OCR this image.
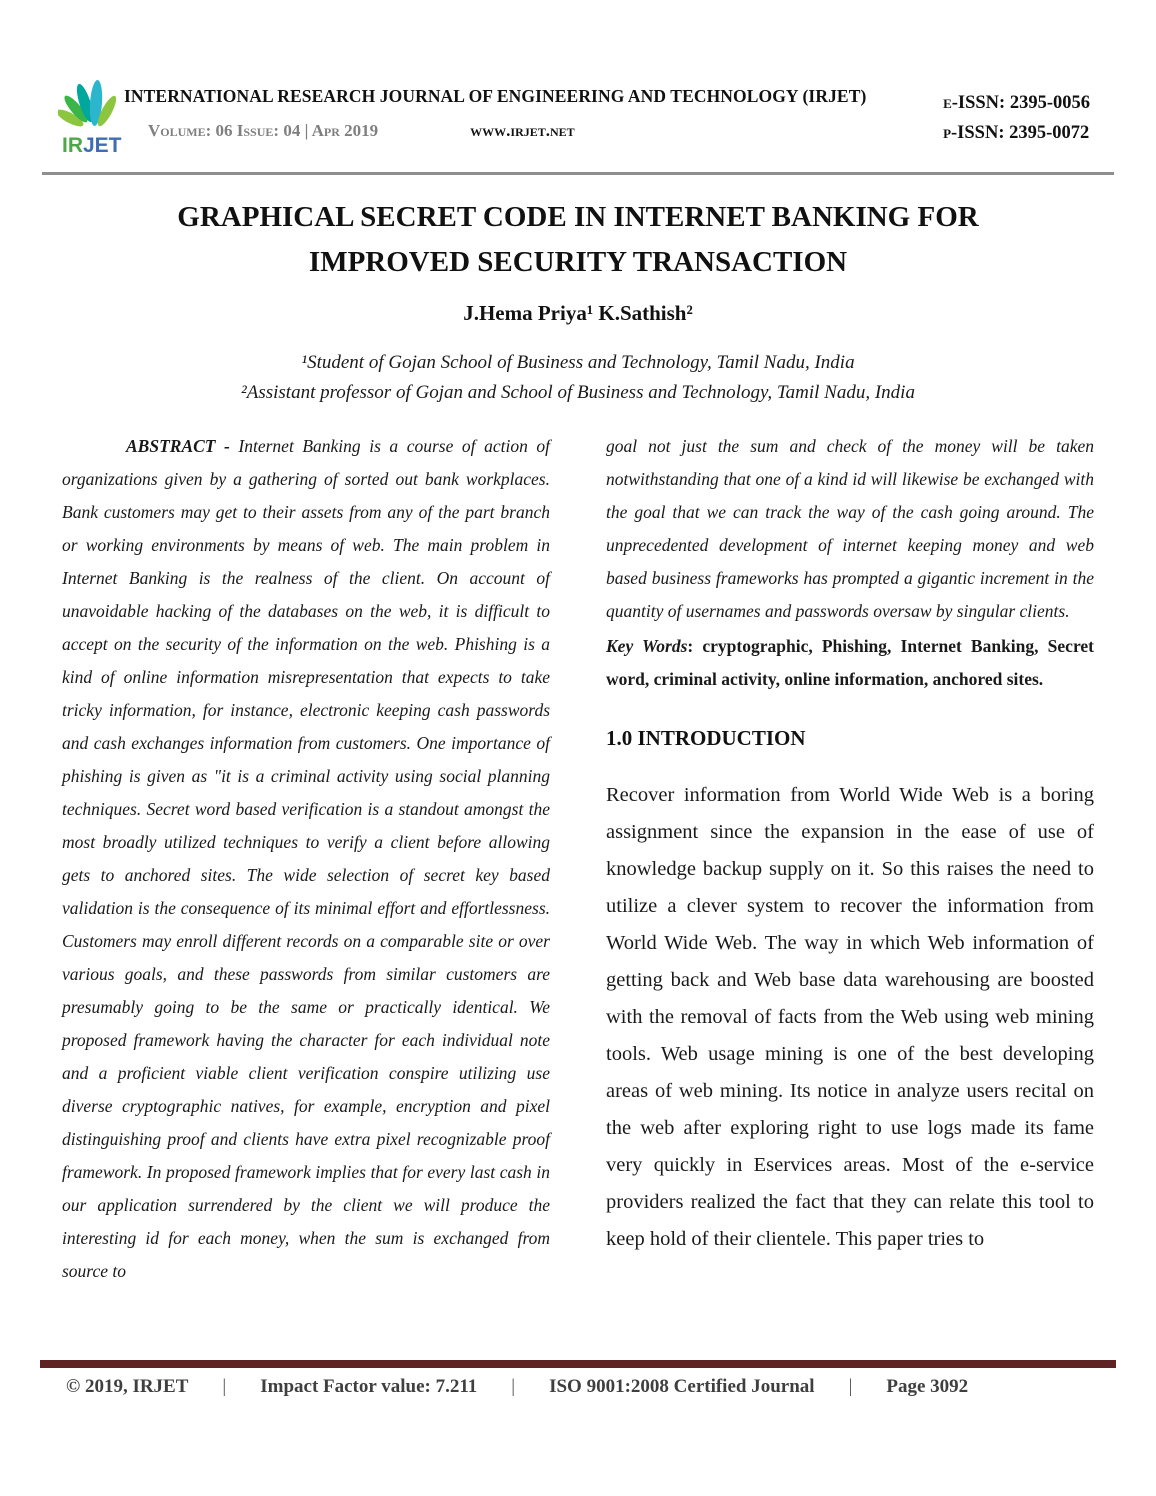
IRJET
INTERNATIONAL RESEARCH JOURNAL OF ENGINEERING AND TECHNOLOGY (IRJET)
Volume: 06 Issue: 04 | Apr 2019	www.irjet.net
e-ISSN: 2395-0056
p-ISSN: 2395-0072
GRAPHICAL SECRET CODE IN INTERNET BANKING FOR IMPROVED SECURITY TRANSACTION
J.Hema Priya¹ K.Sathish²
¹Student of Gojan School of Business and Technology, Tamil Nadu, India
²Assistant professor of Gojan and School of Business and Technology, Tamil Nadu, India

ABSTRACT - Internet Banking is a course of action of organizations given by a gathering of sorted out bank workplaces. Bank customers may get to their assets from any of the part branch or working environments by means of web. The main problem in Internet Banking is the realness of the client. On account of unavoidable hacking of the databases on the web, it is difficult to accept on the security of the information on the web. Phishing is a kind of online information misrepresentation that expects to take tricky information, for instance, electronic keeping cash passwords and cash exchanges information from customers. One importance of phishing is given as "it is a criminal activity using social planning techniques. Secret word based verification is a standout amongst the most broadly utilized techniques to verify a client before allowing gets to anchored sites. The wide selection of secret key based validation is the consequence of its minimal effort and effortlessness. Customers may enroll different records on a comparable site or over various goals, and these passwords from similar customers are presumably going to be the same or practically identical. We proposed framework having the character for each individual note and a proficient viable client verification conspire utilizing use diverse cryptographic natives, for example, encryption and pixel distinguishing proof and clients have extra pixel recognizable proof framework. In proposed framework implies that for every last cash in our application surrendered by the client we will produce the interesting id for each money, when the sum is exchanged from source to

goal not just the sum and check of the money will be taken notwithstanding that one of a kind id will likewise be exchanged with the goal that we can track the way of the cash going around. The unprecedented development of internet keeping money and web based business frameworks has prompted a gigantic increment in the quantity of usernames and passwords oversaw by singular clients.

Key Words: cryptographic, Phishing, Internet Banking, Secret word, criminal activity, online information, anchored sites.

1.0 INTRODUCTION

Recover information from World Wide Web is a boring assignment since the expansion in the ease of use of knowledge backup supply on it. So this raises the need to utilize a clever system to recover the information from World Wide Web. The way in which Web information of getting back and Web base data warehousing are boosted with the removal of facts from the Web using web mining tools. Web usage mining is one of the best developing areas of web mining. Its notice in analyze users recital on the web after exploring right to use logs made its fame very quickly in Eservices areas. Most of the e-service providers realized the fact that they can relate this tool to keep hold of their clientele. This paper tries to

© 2019, IRJET | Impact Factor value: 7.211 | ISO 9001:2008 Certified Journal | Page 3092
